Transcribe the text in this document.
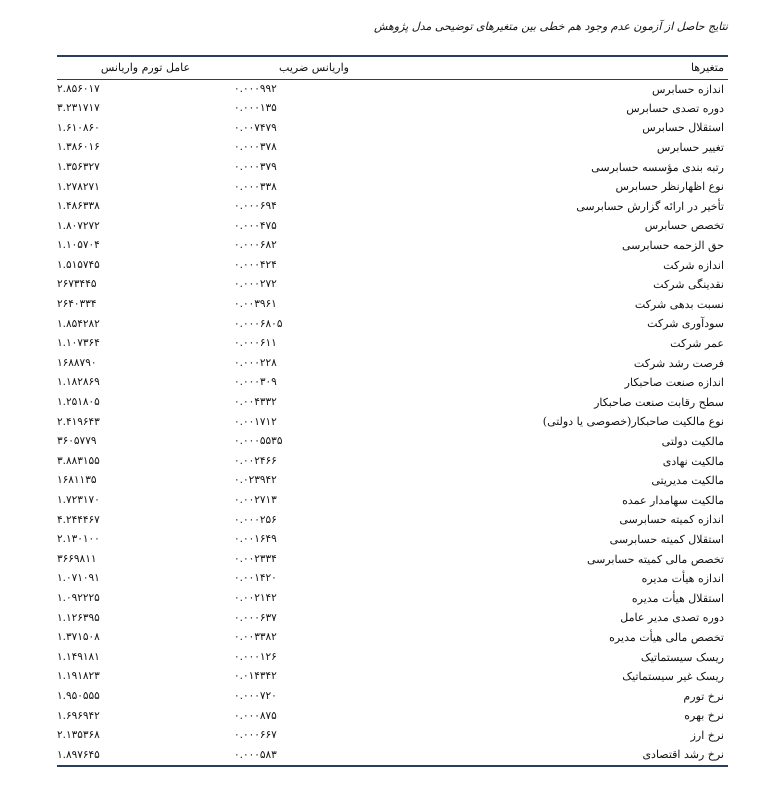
نتایج حاصل از آزمون عدم وجود هم خطی بین متغیرهای توضیحی مدل پژوهش
متغیرها	واریانس ضریب	عامل تورم واریانس
اندازه حسابرس	۰.۰۰۰۹۹۲	۲.۸۵۶۰۱۷
دوره تصدی حسابرس	۰.۰۰۰۱۳۵	۳.۲۳۱۷۱۷
استقلال حسابرس	۰.۰۰۷۴۷۹	۱.۶۱۰۸۶۰
تغییر حسابرس	۰.۰۰۰۳۷۸	۱.۳۸۶۰۱۶
رتبه بندی مؤسسه حسابرسی	۰.۰۰۰۳۷۹	۱.۳۵۶۳۲۷
نوع اظهارنظر حسابرس	۰.۰۰۰۳۳۸	۱.۲۷۸۲۷۱
تأخیر در ارائه گزارش حسابرسی	۰.۰۰۰۶۹۴	۱.۴۸۶۳۳۸
تخصص حسابرس	۰.۰۰۰۴۷۵	۱.۸۰۷۲۷۲
حق الزحمه حسابرسی	۰.۰۰۰۶۸۲	۱.۱۰۵۷۰۴
اندازه شرکت	۰.۰۰۰۴۲۴	۱.۵۱۵۷۴۵
نقدینگی شرکت	۰.۰۰۰۲۷۲	۲۶۷۳۴۴۵
نسبت بدهی شرکت	۰.۰۰۳۹۶۱	۲۶۴۰۳۳۴
سودآوری شرکت	۰.۰۰۰۶۸۰۵	۱.۸۵۴۲۸۲
عمر شرکت	۰.۰۰۰۶۱۱	۱.۱۰۷۳۶۴
فرصت رشد شرکت	۰.۰۰۰۲۲۸	۱۶۸۸۷۹۰
اندازه صنعت صاحبکار	۰.۰۰۰۳۰۹	۱.۱۸۲۸۶۹
سطح رقابت صنعت صاحبکار	۰.۰۰۴۳۳۲	۱.۲۵۱۸۰۵
نوع مالکیت صاحبکار(خصوصی یا دولتی)	۰.۰۰۱۷۱۲	۲.۴۱۹۶۴۳
مالکیت دولتی	۰.۰۰۰۵۵۳۵	۳۶۰۵۷۷۹
مالکیت نهادی	۰.۰۰۲۴۶۶	۳.۸۸۳۱۵۵
مالکیت مدیریتی	۰.۰۲۳۹۴۲	۱۶۸۱۱۳۵
مالکیت سهامدار عمده	۰.۰۰۲۷۱۳	۱.۷۲۳۱۷۰
اندازه کمیته حسابرسی	۰.۰۰۰۲۵۶	۴.۲۴۴۴۶۷
استقلال کمیته حسابرسی	۰.۰۰۱۶۴۹	۲.۱۳۰۱۰۰
تخصص مالی کمیته حسابرسی	۰.۰۰۲۳۳۴	۳۶۶۹۸۱۱
اندازه هیأت مدیره	۰.۰۰۱۴۲۰	۱.۰۷۱۰۹۱
استقلال هیأت مدیره	۰.۰۰۲۱۴۲	۱.۰۹۲۲۲۵
دوره تصدی مدیر عامل	۰.۰۰۰۶۳۷	۱.۱۲۶۳۹۵
تخصص مالی هیأت مدیره	۰.۰۰۳۳۸۲	۱.۳۷۱۵۰۸
ریسک سیستماتیک	۰.۰۰۰۱۲۶	۱.۱۴۹۱۸۱
ریسک غیر سیستماتیک	۰.۰۱۴۳۴۲	۱.۱۹۱۸۲۳
نرخ تورم	۰.۰۰۰۷۲۰	۱.۹۵۰۵۵۵
نرخ بهره	۰.۰۰۰۸۷۵	۱.۶۹۶۹۴۲
نرخ ارز	۰.۰۰۰۶۶۷	۲.۱۳۵۳۶۸
نرخ رشد اقتصادی	۰.۰۰۰۵۸۳	۱.۸۹۷۶۴۵
